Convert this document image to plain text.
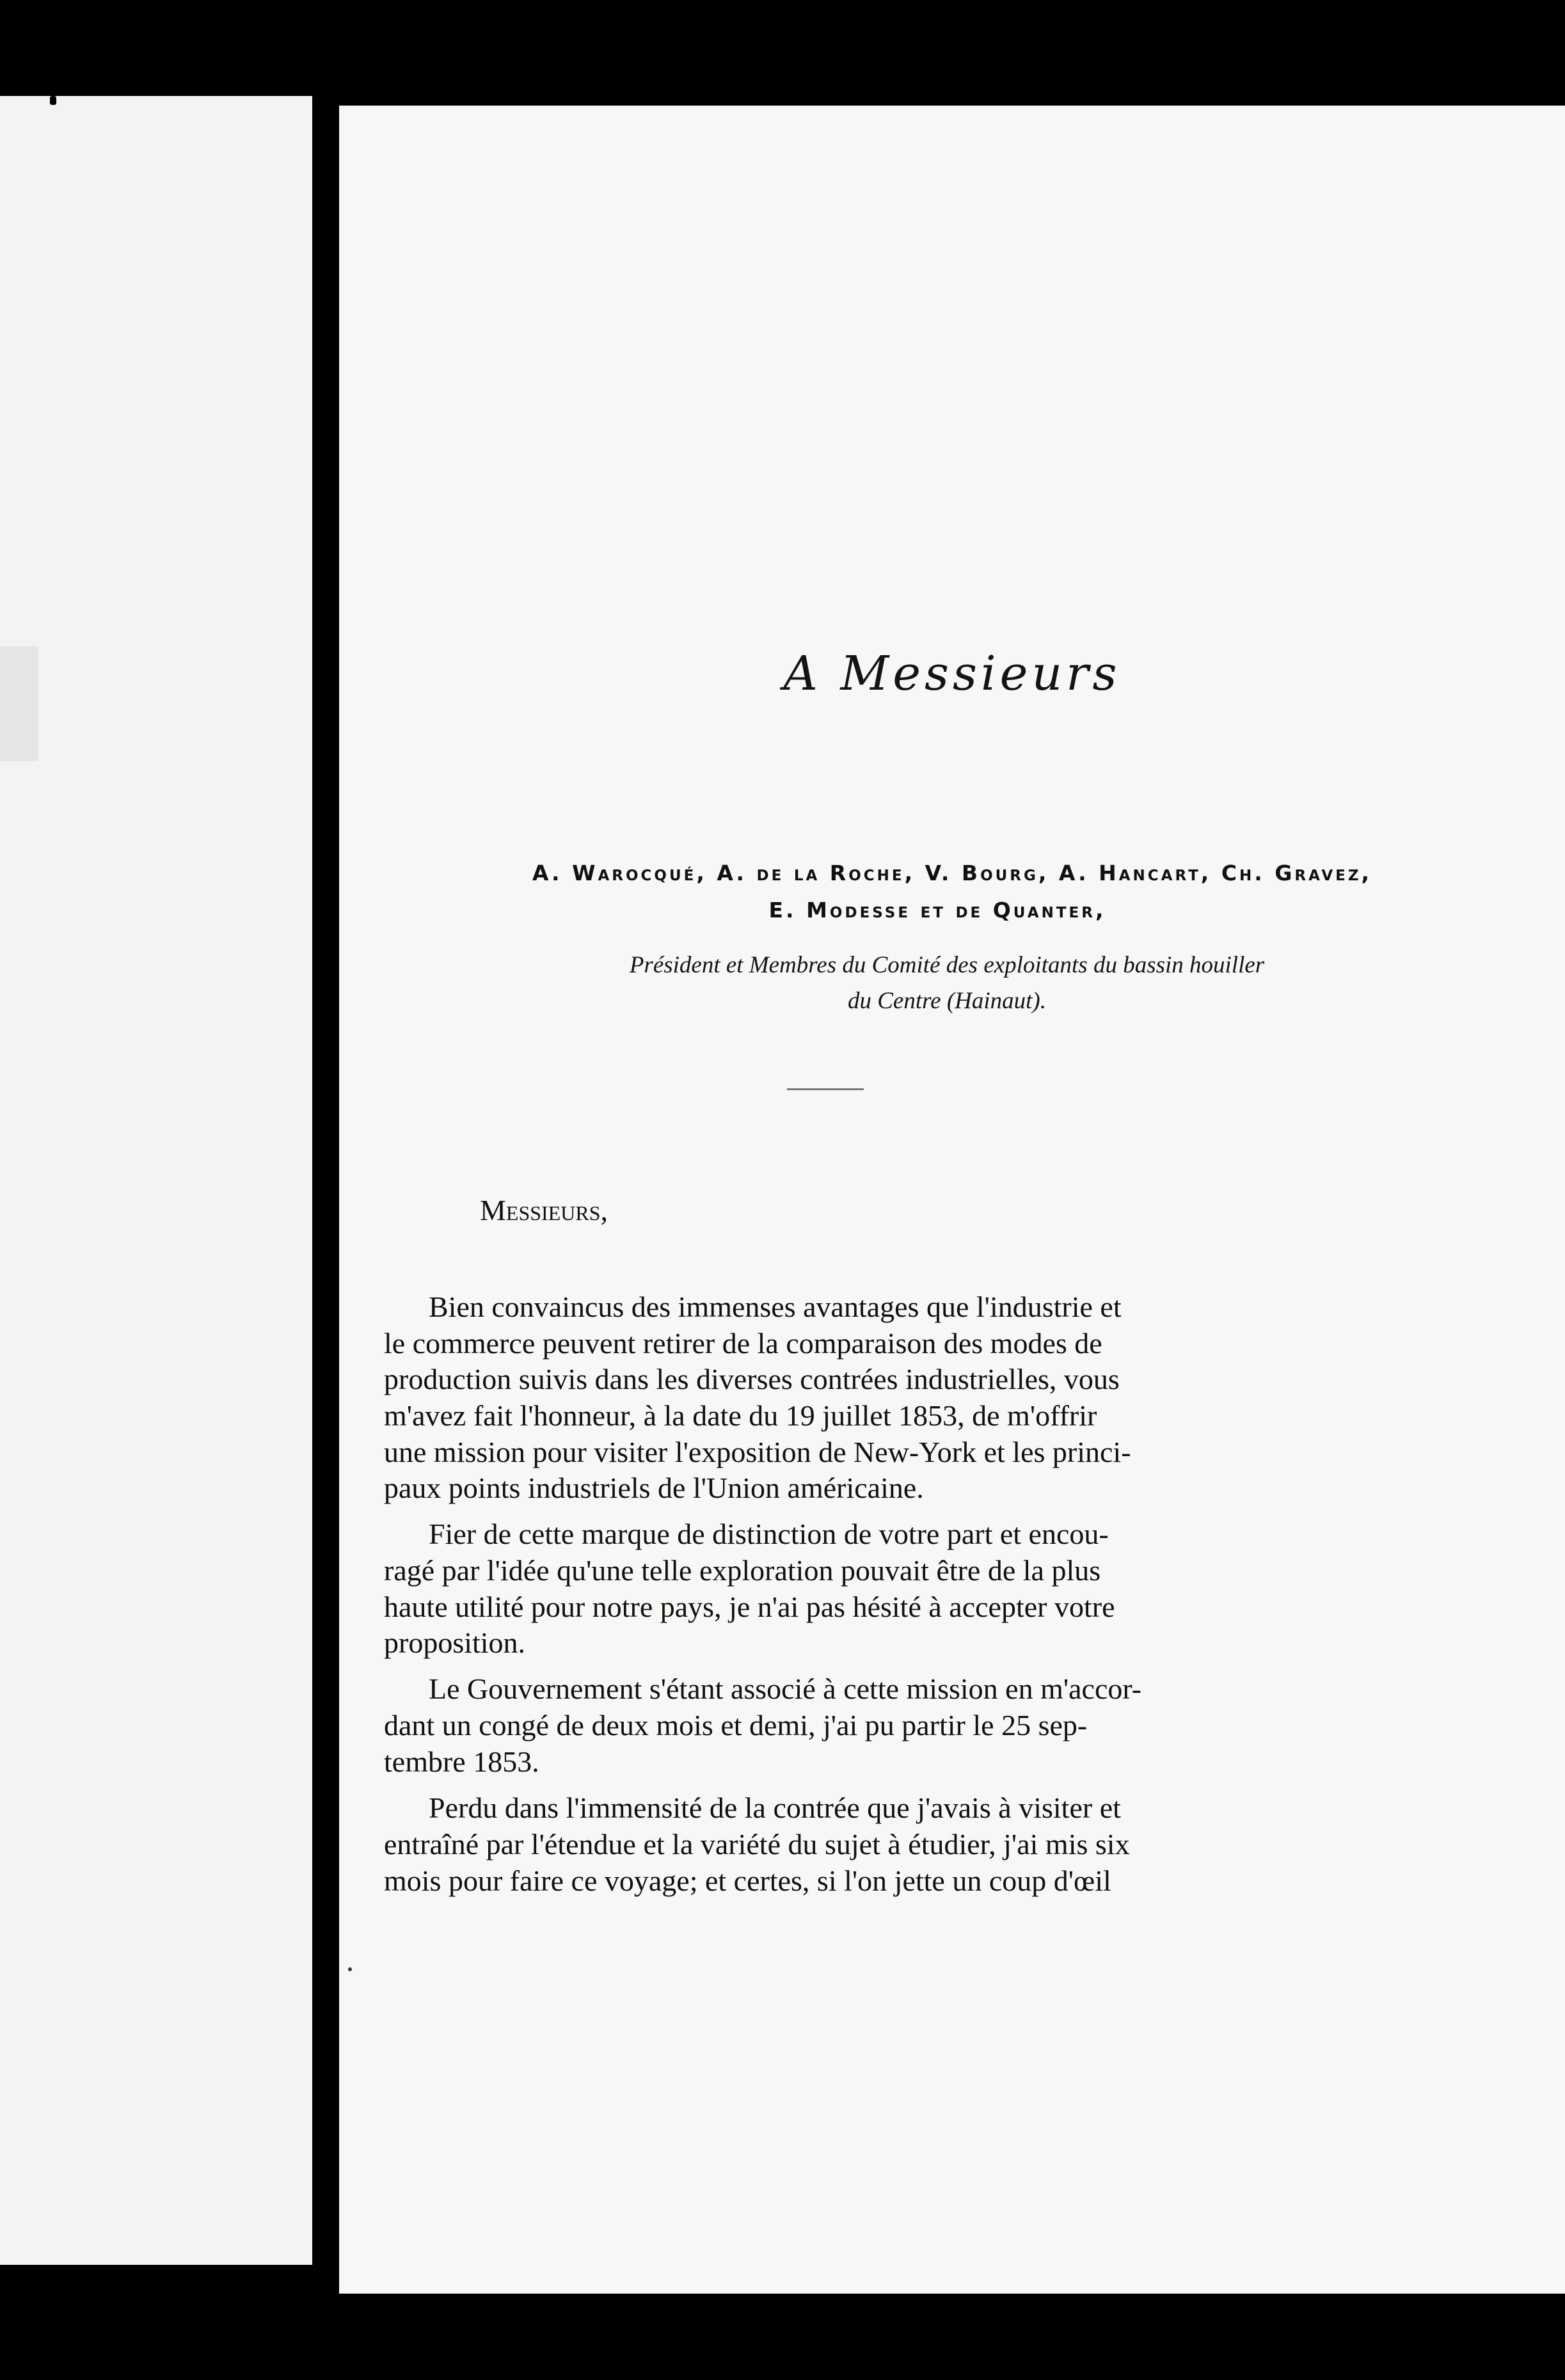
A Messieurs
A. Warocqué, A. de la Roche, V. Bourg, A. Hancart, Ch. Gravez,
E. Modesse et de Quanter,
Président et Membres du Comité des exploitants du bassin houiller
du Centre (Hainaut).
Messieurs,
Bien convaincus des immenses avantages que l'industrie et
le commerce peuvent retirer de la comparaison des modes de
production suivis dans les diverses contrées industrielles, vous
m'avez fait l'honneur, à la date du 19 juillet 1853, de m'offrir
une mission pour visiter l'exposition de New-York et les princi-
paux points industriels de l'Union américaine.
Fier de cette marque de distinction de votre part et encou-
ragé par l'idée qu'une telle exploration pouvait être de la plus
haute utilité pour notre pays, je n'ai pas hésité à accepter votre
proposition.
Le Gouvernement s'étant associé à cette mission en m'accor-
dant un congé de deux mois et demi, j'ai pu partir le 25 sep-
tembre 1853.
Perdu dans l'immensité de la contrée que j'avais à visiter et
entraîné par l'étendue et la variété du sujet à étudier, j'ai mis six
mois pour faire ce voyage; et certes, si l'on jette un coup d'œil
